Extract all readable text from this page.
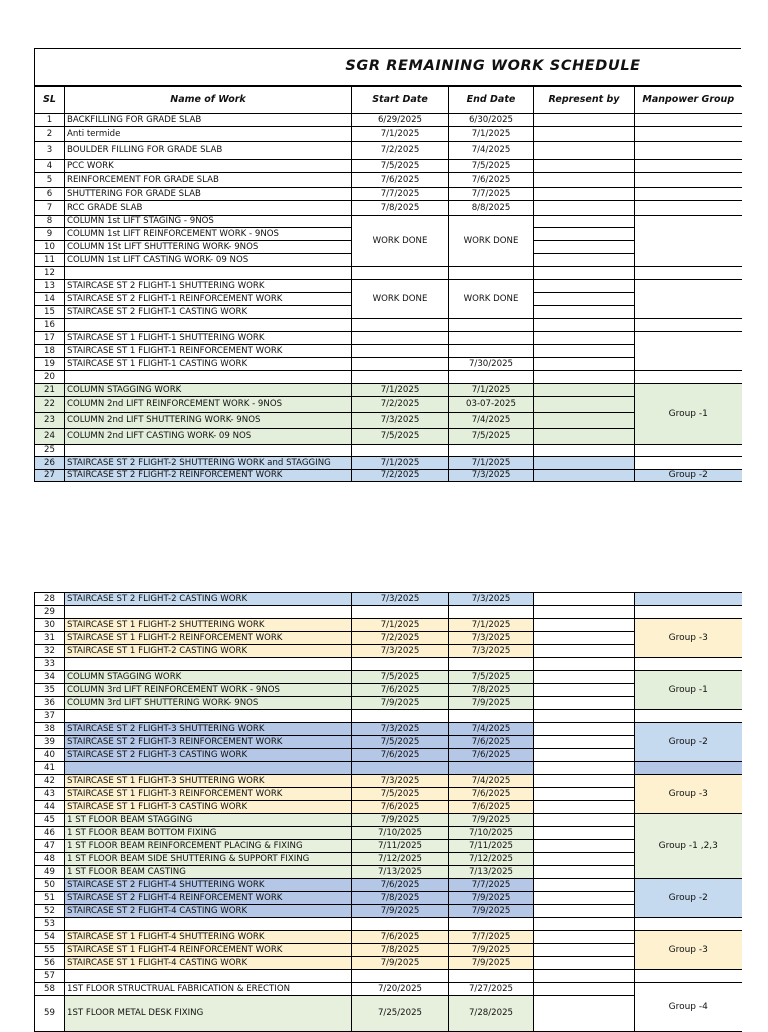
SGR REMAINING WORK SCHEDULE
SL	Name of Work	Start Date	End Date	Represent by	Manpower Group
1	BACKFILLING FOR GRADE SLAB	6/29/2025	6/30/2025		
2	Anti termide	7/1/2025	7/1/2025		
3	BOULDER FILLING FOR GRADE SLAB	7/2/2025	7/4/2025		
4	PCC WORK	7/5/2025	7/5/2025		
5	REINFORCEMENT FOR GRADE SLAB	7/6/2025	7/6/2025		
6	SHUTTERING FOR GRADE SLAB	7/7/2025	7/7/2025		
7	RCC GRADE SLAB	7/8/2025	8/8/2025		
8	COLUMN 1st LIFT STAGING - 9NOS	WORK DONE	WORK DONE		
9	COLUMN 1st LIFT REINFORCEMENT WORK - 9NOS				
10	COLUMN 1St LIFT SHUTTERING WORK- 9NOS				
11	COLUMN 1st LIFT CASTING WORK- 09 NOS				
12					
13	STAIRCASE ST 2 FLIGHT-1 SHUTTERING WORK	WORK DONE	WORK DONE		
14	STAIRCASE ST 2 FLIGHT-1 REINFORCEMENT WORK				
15	STAIRCASE ST 2 FLIGHT-1 CASTING WORK				
16					
17	STAIRCASE ST 1 FLIGHT-1 SHUTTERING WORK				
18	STAIRCASE ST 1 FLIGHT-1 REINFORCEMENT WORK				
19	STAIRCASE ST 1 FLIGHT-1 CASTING WORK		7/30/2025		
20					
21	COLUMN STAGGING WORK	7/1/2025	7/1/2025		Group -1
22	COLUMN 2nd LIFT REINFORCEMENT WORK - 9NOS	7/2/2025	03-07-2025		
23	COLUMN 2nd LIFT SHUTTERING WORK- 9NOS	7/3/2025	7/4/2025		
24	COLUMN 2nd LIFT CASTING WORK- 09 NOS	7/5/2025	7/5/2025		
25					
26	STAIRCASE ST 2 FLIGHT-2 SHUTTERING WORK and STAGGING	7/1/2025	7/1/2025		
27	STAIRCASE ST 2 FLIGHT-2 REINFORCEMENT WORK	7/2/2025	7/3/2025		Group -2
28	STAIRCASE ST 2 FLIGHT-2 CASTING WORK	7/3/2025	7/3/2025		
29					
30	STAIRCASE ST 1 FLIGHT-2 SHUTTERING WORK	7/1/2025	7/1/2025		Group -3
31	STAIRCASE ST 1 FLIGHT-2 REINFORCEMENT WORK	7/2/2025	7/3/2025		
32	STAIRCASE ST 1 FLIGHT-2 CASTING WORK	7/3/2025	7/3/2025		
33					
34	COLUMN STAGGING WORK	7/5/2025	7/5/2025		Group -1
35	COLUMN 3rd LIFT REINFORCEMENT WORK - 9NOS	7/6/2025	7/8/2025		
36	COLUMN 3rd LIFT SHUTTERING WORK- 9NOS	7/9/2025	7/9/2025		
37					
38	STAIRCASE ST 2 FLIGHT-3 SHUTTERING WORK	7/3/2025	7/4/2025		Group -2
39	STAIRCASE ST 2 FLIGHT-3 REINFORCEMENT WORK	7/5/2025	7/6/2025		
40	STAIRCASE ST 2 FLIGHT-3 CASTING WORK	7/6/2025	7/6/2025		
41					
42	STAIRCASE ST 1 FLIGHT-3 SHUTTERING WORK	7/3/2025	7/4/2025		Group -3
43	STAIRCASE ST 1 FLIGHT-3 REINFORCEMENT WORK	7/5/2025	7/6/2025		
44	STAIRCASE ST 1 FLIGHT-3 CASTING WORK	7/6/2025	7/6/2025		
45	1 ST FLOOR BEAM STAGGING	7/9/2025	7/9/2025		Group -1 ,2,3
46	1 ST FLOOR BEAM BOTTOM FIXING	7/10/2025	7/10/2025		
47	1 ST FLOOR BEAM REINFORCEMENT PLACING & FIXING	7/11/2025	7/11/2025		
48	1 ST FLOOR BEAM SIDE SHUTTERING & SUPPORT FIXING	7/12/2025	7/12/2025		
49	1 ST FLOOR BEAM CASTING	7/13/2025	7/13/2025		
50	STAIRCASE ST 2 FLIGHT-4 SHUTTERING WORK	7/6/2025	7/7/2025		Group -2
51	STAIRCASE ST 2 FLIGHT-4 REINFORCEMENT WORK	7/8/2025	7/9/2025		
52	STAIRCASE ST 2 FLIGHT-4 CASTING WORK	7/9/2025	7/9/2025		
53					
54	STAIRCASE ST 1 FLIGHT-4 SHUTTERING WORK	7/6/2025	7/7/2025		Group -3
55	STAIRCASE ST 1 FLIGHT-4 REINFORCEMENT WORK	7/8/2025	7/9/2025		
56	STAIRCASE ST 1 FLIGHT-4 CASTING WORK	7/9/2025	7/9/2025		
57					
58	1ST FLOOR STRUCTRUAL FABRICATION & ERECTION	7/20/2025	7/27/2025		Group -4
59	1ST FLOOR METAL DESK FIXING	7/25/2025	7/28/2025		
